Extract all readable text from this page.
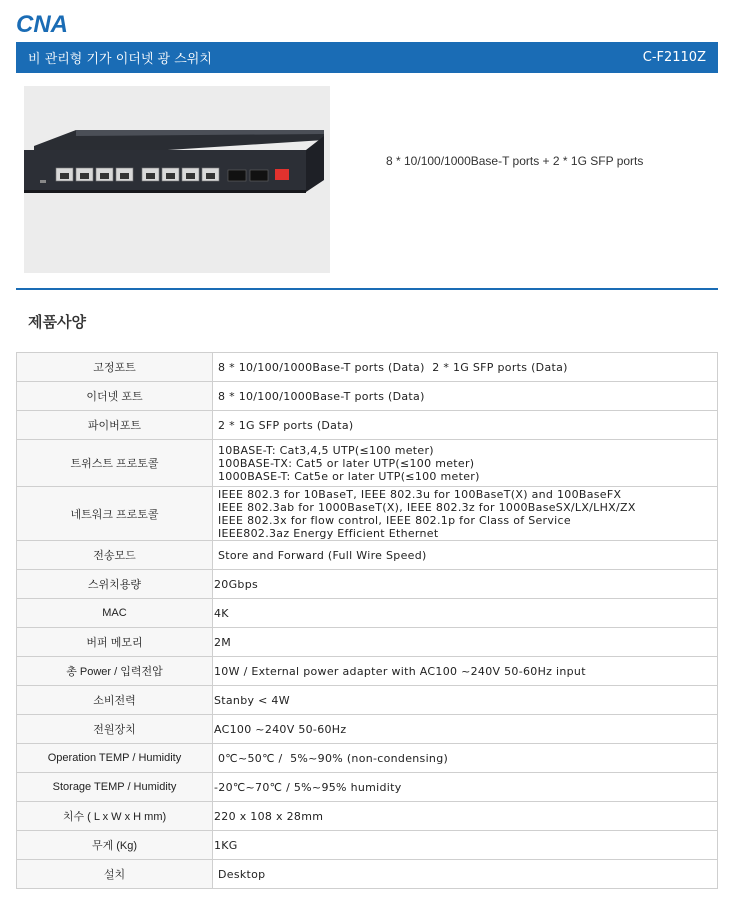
CNA
비 관리형 기가 이더넷 광 스위치	C-F2110Z
8 * 10/100/1000Base-T ports + 2 * 1G SFP ports
제품사양
고정포트	8 * 10/100/1000Base-T ports (Data)  2 * 1G SFP ports (Data)

이더넷 포트	8 * 10/100/1000Base-T ports (Data)

파이버포트	2 * 1G SFP ports (Data)

트위스트 프로토콜	10BASE-T: Cat3,4,5 UTP(≤100 meter)
100BASE-TX: Cat5 or later UTP(≤100 meter)
1000BASE-T: Cat5e or later UTP(≤100 meter)

네트워크 프로토콜	IEEE 802.3 for 10BaseT, IEEE 802.3u for 100BaseT(X) and 100BaseFX
IEEE 802.3ab for 1000BaseT(X), IEEE 802.3z for 1000BaseSX/LX/LHX/ZX
IEEE 802.3x for flow control, IEEE 802.1p for Class of Service
IEEE802.3az Energy Efficient Ethernet

전송모드	Store and Forward (Full Wire Speed)

스위치용량	20Gbps

MAC	4K

버퍼 메모리	2M

총 Power / 입력전압	10W / External power adapter with AC100 ~240V 50-60Hz input

소비전력	Stanby < 4W

전원장치	AC100 ~240V 50-60Hz

Operation TEMP / Humidity	0℃~50℃ /  5%~90% (non-condensing)

Storage TEMP / Humidity	-20℃~70℃ / 5%~95% humidity

치수 ( L x W x H mm)	220 x 108 x 28mm

무게 (Kg)	1KG

설치	Desktop
